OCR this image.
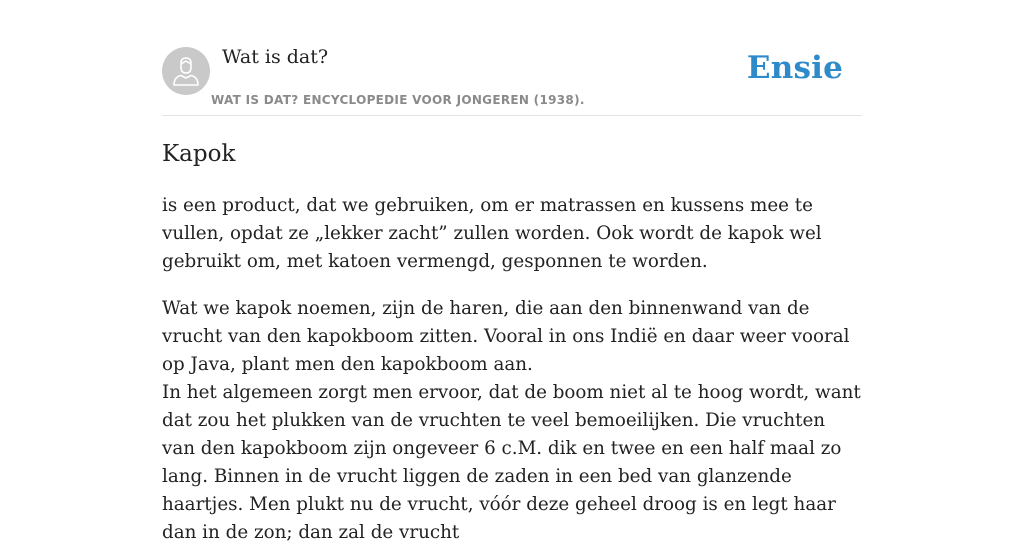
Wat is dat?
WAT IS DAT? ENCYCLOPEDIE VOOR JONGEREN (1938).
Ensie
Kapok

is een product, dat we gebruiken, om er matrassen en kussens mee te vullen, opdat ze „lekker zacht” zullen worden. Ook wordt de kapok wel gebruikt om, met katoen vermengd, gesponnen te worden.

Wat we kapok noemen, zijn de haren, die aan den binnenwand van de vrucht van den kapokboom zitten. Vooral in ons Indië en daar weer vooral op Java, plant men den kapokboom aan.

In het algemeen zorgt men ervoor, dat de boom niet al te hoog wordt, want dat zou het plukken van de vruchten te veel bemoeilijken. Die vruchten van den kapokboom zijn ongeveer 6 c.M. dik en twee en een half maal zo lang. Binnen in de vrucht liggen de zaden in een bed van glanzende haartjes. Men plukt nu de vrucht, vóór deze geheel droog is en legt haar dan in de zon; dan zal de vrucht
